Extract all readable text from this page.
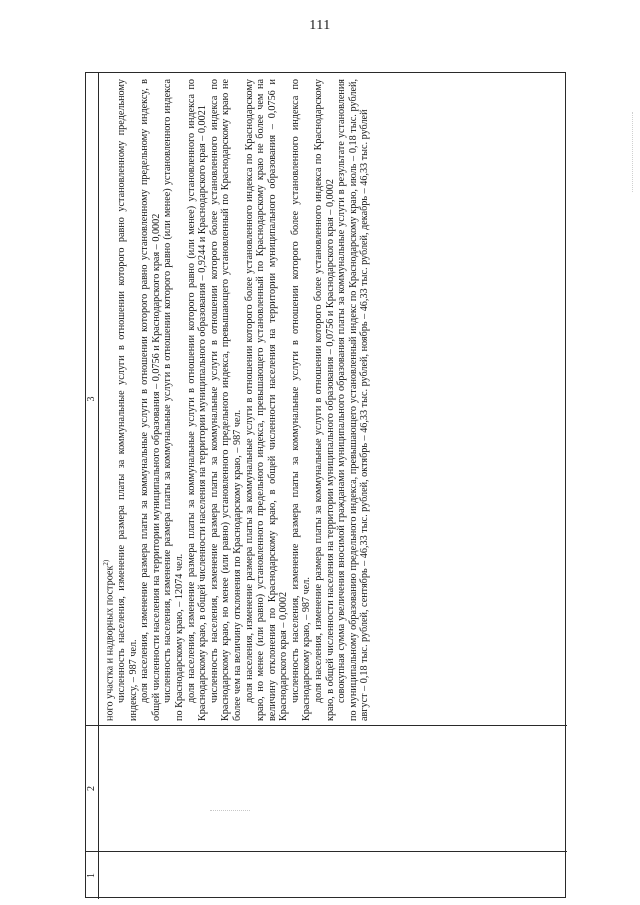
111
1
2
3

ного участка и надворных построек$^{2)}$ численность населения, изменение размера платы за коммунальные услуги в отношении которого равно установленному предельному индексу, – 987 чел. доля населения, изменение размера платы за коммунальные услуги в отношении которого равно установленному предельному индексу, в общей численности населения на территории муниципального образования – 0,0756 и Краснодарского края – 0,0002 численность населения, изменение размера платы за коммунальные услуги в отношении которого равно (или менее) установленного индекса по Краснодарскому краю, – 12074 чел. доля населения, изменение размера платы за коммунальные услуги в отношении которого равно (или менее) установленного индекса по Краснодарскому краю, в общей численности населения на территории муниципального образования – 0,9244 и Краснодарского края – 0,0021 численность населения, изменение размера платы за коммунальные услуги в отношении которого более установленного индекса по Краснодарскому краю, но менее (или равно) установленного предельного индекса, превышающего установленный по Краснодарскому краю не более чем на величину отклонения по Краснодарскому краю, – 987 чел. доля населения, изменение размера платы за коммунальные услуги в отношении которого более установленного индекса по Краснодарскому краю, но менее (или равно) установленного предельного индекса, превышающего установленный по Краснодарскому краю не более чем на величину отклонения по Краснодарскому краю, в общей численности населения на территории муниципального образования – 0,0756 и Краснодарского края – 0,0002 численность населения, изменение размера платы за коммунальные услуги в отношении которого более установленного индекса по Краснодарскому краю, – 987 чел. доля населения, изменение размера платы за коммунальные услуги в отношении которого более установленного индекса по Краснодарскому краю, в общей численности населения на территории муниципального образования – 0,0756 и Краснодарского края – 0,0002 совокупная сумма увеличения вносимой гражданами муниципального образования платы за коммунальные услуги в результате установления по муниципальному образованию предельного индекса, превышающего установленный индекс по Краснодарскому краю, июль – 0,18 тыс. рублей, август – 0,18 тыс. рублей, сентябрь – 46,33 тыс. рублей, октябрь – 46,33 тыс. рублей, ноябрь – 46,33 тыс. рублей, декабрь – 46,33 тыс. рублей
